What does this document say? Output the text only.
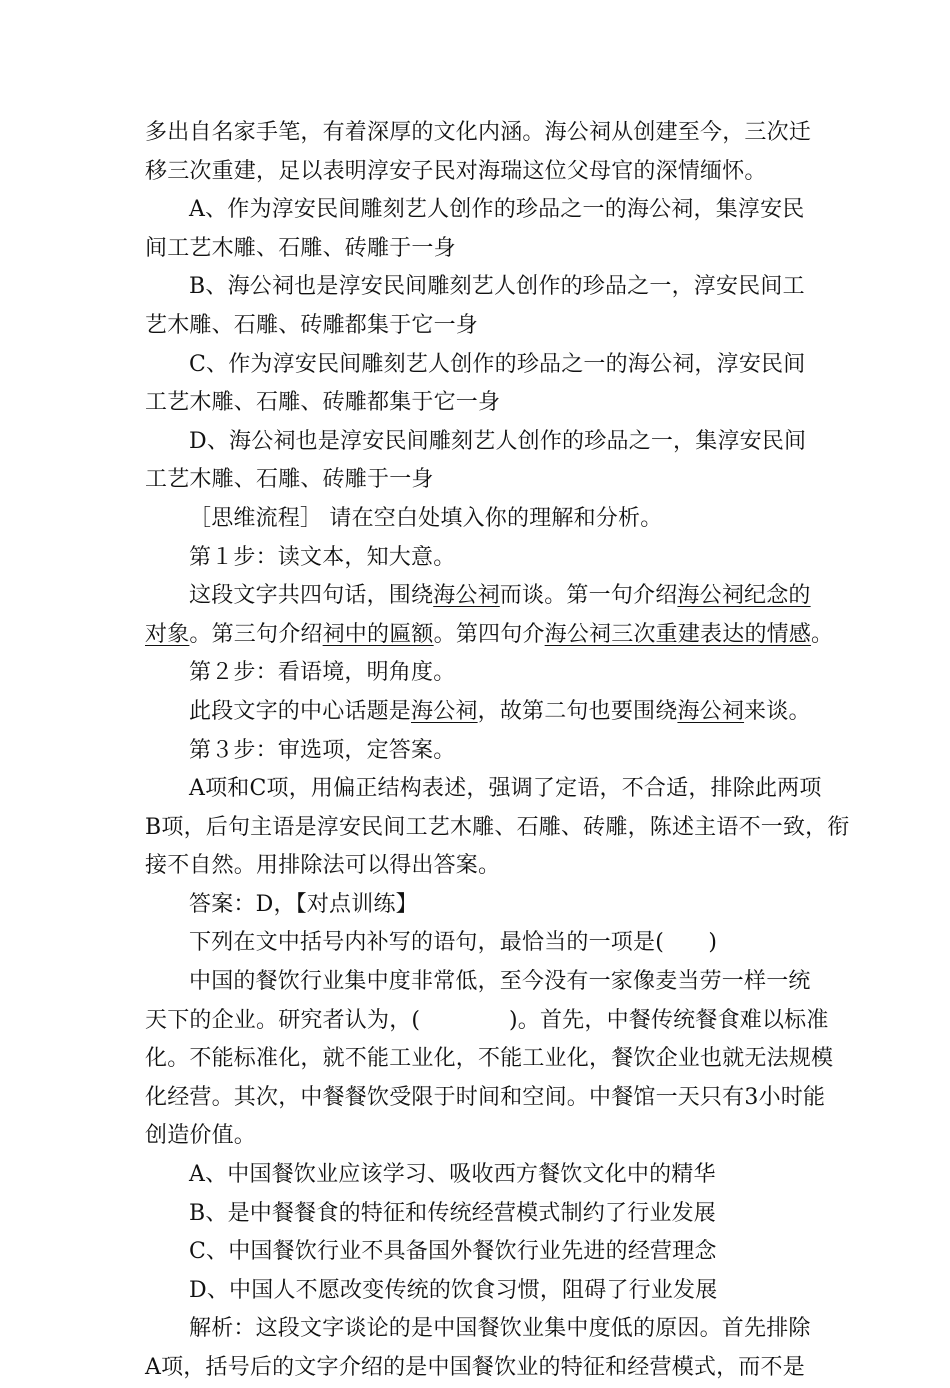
多出自名家手笔，有着深厚的文化内涵。海公祠从创建至今，三次迁
移三次重建，足以表明淳安子民对海瑞这位父母官的深情缅怀。
A、作为淳安民间雕刻艺人创作的珍品之一的海公祠，集淳安民
间工艺木雕、石雕、砖雕于一身
B、海公祠也是淳安民间雕刻艺人创作的珍品之一，淳安民间工
艺木雕、石雕、砖雕都集于它一身
C、作为淳安民间雕刻艺人创作的珍品之一的海公祠，淳安民间
工艺木雕、石雕、砖雕都集于它一身
D、海公祠也是淳安民间雕刻艺人创作的珍品之一，集淳安民间
工艺木雕、石雕、砖雕于一身
［思维流程］ 请在空白处填入你的理解和分析。
第１步：读文本，知大意。
这段文字共四句话，围绕海公祠而谈。第一句介绍海公祠纪念的
对象。第三句介绍祠中的匾额。第四句介海公祠三次重建表达的情感。
第２步：看语境，明角度。
此段文字的中心话题是海公祠，故第二句也要围绕海公祠来谈。
第３步：审选项，定答案。
A项和C项，用偏正结构表述，强调了定语，不合适，排除此两项
B项，后句主语是淳安民间工艺木雕、石雕、砖雕，陈述主语不一致，衔
接不自然。用排除法可以得出答案。
答案：D，【对点训练】
下列在文中括号内补写的语句，最恰当的一项是(　　)
中国的餐饮行业集中度非常低，至今没有一家像麦当劳一样一统
天下的企业。研究者认为，(　　　　)。首先，中餐传统餐食难以标准
化。不能标准化，就不能工业化，不能工业化，餐饮企业也就无法规模
化经营。其次，中餐餐饮受限于时间和空间。中餐馆一天只有3小时能
创造价值。
A、中国餐饮业应该学习、吸收西方餐饮文化中的精华
B、是中餐餐食的特征和传统经营模式制约了行业发展
C、中国餐饮行业不具备国外餐饮行业先进的经营理念
D、中国人不愿改变传统的饮食习惯，阻碍了行业发展
解析：这段文字谈论的是中国餐饮业集中度低的原因。首先排除
A项，括号后的文字介绍的是中国餐饮业的特征和经营模式，而不是
